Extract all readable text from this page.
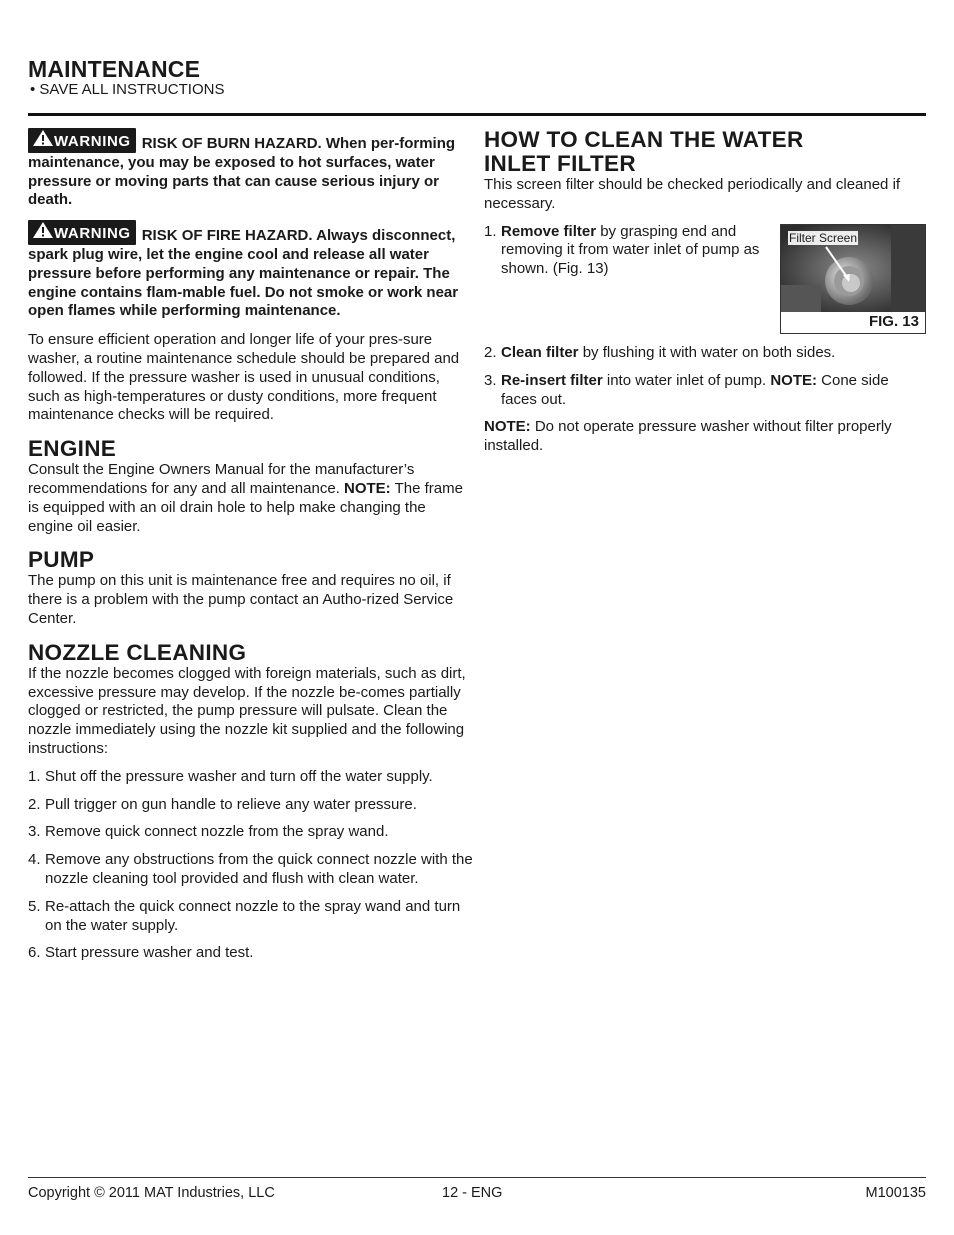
MAINTENANCE
• SAVE ALL INSTRUCTIONS

WARNING RISK OF BURN HAZARD. When per-forming maintenance, you may be exposed to hot surfaces, water pressure or moving parts that can cause serious injury or death.

WARNING RISK OF FIRE HAZARD. Always disconnect, spark plug wire, let the engine cool and release all water pressure before performing any maintenance or repair. The engine contains flam-mable fuel. Do not smoke or work near open flames while performing maintenance.

To ensure efficient operation and longer life of your pres-sure washer, a routine maintenance schedule should be prepared and followed. If the pressure washer is used in unusual conditions, such as high-temperatures or dusty conditions, more frequent maintenance checks will be required.

ENGINE

Consult the Engine Owners Manual for the manufacturer’s recommendations for any and all maintenance. NOTE: The frame is equipped with an oil drain hole to help make changing the engine oil easier.

PUMP

The pump on this unit is maintenance free and requires no oil, if there is a problem with the pump contact an Autho-rized Service Center.

NOZZLE CLEANING

If the nozzle becomes clogged with foreign materials, such as dirt, excessive pressure may develop. If the nozzle be-comes partially clogged or restricted, the pump pressure will pulsate. Clean the nozzle immediately using the nozzle kit supplied and the following instructions:

1. Shut off the pressure washer and turn off the water supply.
2. Pull trigger on gun handle to relieve any water pressure.
3. Remove quick connect nozzle from the spray wand.
4. Remove any obstructions from the quick connect nozzle with the nozzle cleaning tool provided and flush with clean water.
5. Re-attach the quick connect nozzle to the spray wand and turn on the water supply.
6. Start pressure washer and test.
HOW TO CLEAN THE WATER INLET FILTER

This screen filter should be checked periodically and cleaned if necessary.

1. Remove filter by grasping end and removing it from water inlet of pump as shown. (Fig. 13)

Filter Screen
FIG. 13

2. Clean filter by flushing it with water on both sides.

3. Re-insert filter into water inlet of pump. NOTE: Cone side faces out.

NOTE: Do not operate pressure washer without filter properly installed.

Copyright © 2011 MAT Industries, LLC	12 - ENG	M100135
